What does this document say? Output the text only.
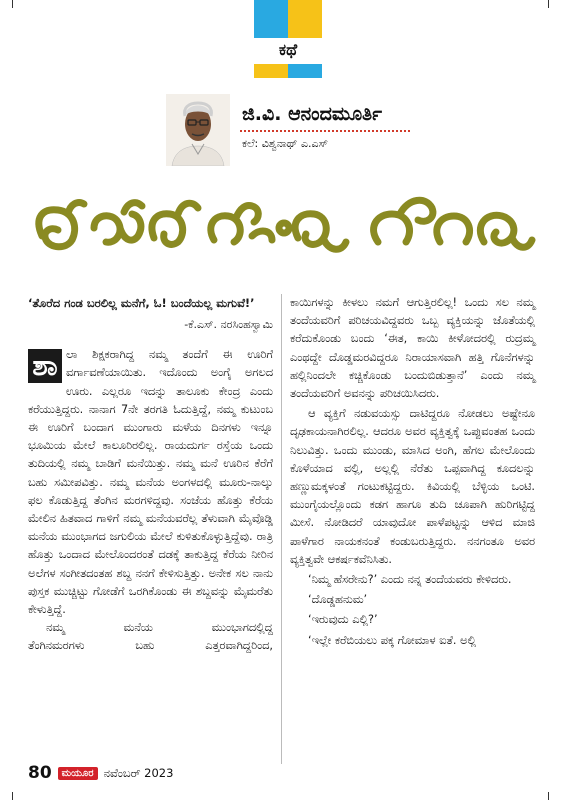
ಕಥೆ
ಜಿ.ವಿ. ಆನಂದಮೂರ್ತಿ
ಕಲೆ: ವಿಶ್ವನಾಥ್ ಎ.ಎಸ್
‘ತೊರೆದ ಗಂಡ ಬರಲಿಲ್ಲ ಮನೆಗೆ, ಓ! ಬಂದೆಯಲ್ಲ ಮಗುವೆ!’
-ಕೆ.ಎಸ್. ನರಸಿಂಹಸ್ವಾಮಿ
ಶಾ ಲಾ ಶಿಕ್ಷಕರಾಗಿದ್ದ ನಮ್ಮ ತಂದೆಗೆ ಈ ಊರಿಗೆ ವರ್ಗಾವಣೆಯಾಯಿತು. ಇದೊಂದು ಅಂಗೈ ಅಗಲದ ಊರು. ಎಲ್ಲರೂ ಇದನ್ನು ತಾಲೂಕು ಕೇಂದ್ರ ಎಂದು ಕರೆಯುತ್ತಿದ್ದರು. ನಾನಾಗ 7ನೇ ತರಗತಿ ಓದುತ್ತಿದ್ದೆ, ನಮ್ಮ ಕುಟುಂಬ ಈ ಊರಿಗೆ ಬಂದಾಗ ಮುಂಗಾರು ಮಳೆಯ ದಿನಗಳು ಇನ್ನೂ ಭೂಮಿಯ ಮೇಲೆ ಕಾಲೂರಿರಲಿಲ್ಲ. ರಾಯದುರ್ಗ ರಸ್ತೆಯ ಒಂದು ತುದಿಯಲ್ಲಿ ನಮ್ಮ ಬಾಡಿಗೆ ಮನೆಯಿತ್ತು. ನಮ್ಮ ಮನೆ ಊರಿನ ಕೆರೆಗೆ ಬಹು ಸಮೀಪವಿತ್ತು. ನಮ್ಮ ಮನೆಯ ಅಂಗಳದಲ್ಲಿ ಮೂರು-ನಾಲ್ಕು ಫಲ ಕೊಡುತ್ತಿದ್ದ ತೆಂಗಿನ ಮರಗಳಿದ್ದವು. ಸಂಜೆಯ ಹೊತ್ತು ಕೆರೆಯ ಮೇಲಿನ ಹಿತವಾದ ಗಾಳಿಗೆ ನಮ್ಮ ಮನೆಯವರೆಲ್ಲ ತೆಳುವಾಗಿ ಮೈವೊಡ್ಡಿ ಮನೆಯ ಮುಂಭಾಗದ ಜಗುಲಿಯ ಮೇಲೆ ಕುಳಿತುಕೊಳ್ಳುತ್ತಿದ್ದೆವು. ರಾತ್ರಿ ಹೊತ್ತು ಒಂದಾದ ಮೇಲೊಂದರಂತೆ ದಡಕ್ಕೆ ತಾಕುತ್ತಿದ್ದ ಕೆರೆಯ ನೀರಿನ ಅಲೆಗಳ ಸಂಗೀತದಂತಹ ಶಬ್ದ ನನಗೆ ಕೇಳಿಸುತ್ತಿತ್ತು. ಅನೇಕ ಸಲ ನಾನು ಪುಸ್ತಕ ಮುಚ್ಚಿಟ್ಟು ಗೋಡೆಗೆ ಒರಗಿಕೊಂಡು ಈ ಶಬ್ದವನ್ನು ಮೈಮರೆತು ಕೇಳುತ್ತಿದ್ದೆ.
ನಮ್ಮ ಮನೆಯ ಮುಂಭಾಗದಲ್ಲಿದ್ದ
ತೆಂಗಿನಮರಗಳು ಬಹು ಎತ್ತರವಾಗಿದ್ದರಿಂದ,
ಕಾಯಿಗಳನ್ನು ಕೀಳಲು ನಮಗೆ ಆಗುತ್ತಿರಲಿಲ್ಲ! ಒಂದು ಸಲ ನಮ್ಮ ತಂದೆಯವರಿಗೆ ಪರಿಚಯವಿದ್ದವರು ಒಬ್ಬ ವ್ಯಕ್ತಿಯನ್ನು ಜೊತೆಯಲ್ಲಿ ಕರೆದುಕೊಂಡು ಬಂದು ‘ಈತ, ಕಾಯಿ ಕೀಳೋದರಲ್ಲಿ ರುದ್ರಮ್ಮ ಎಂಥದ್ದೇ ದೊಡ್ಡಮರವಿದ್ದರೂ ನಿರಾಯಾಸವಾಗಿ ಹತ್ತಿ ಗೊನೆಗಳನ್ನು ಹಲ್ಲಿನಿಂದಲೇ ಕಚ್ಚಿಕೊಂಡು ಬಂದುಬಿಡುತ್ತಾನೆ’ ಎಂದು ನಮ್ಮ ತಂದೆಯವರಿಗೆ ಅವನನ್ನು ಪರಿಚಯಿಸಿದರು.
ಆ ವ್ಯಕ್ತಿಗೆ ನಡುವಯಸ್ಸು ದಾಟಿದ್ದರೂ ನೋಡಲು ಅಷ್ಟೇನೂ ದೃಢಕಾಯನಾಗಿರಲಿಲ್ಲ. ಆದರೂ ಅವರ ವ್ಯಕ್ತಿತ್ವಕ್ಕೆ ಒಪ್ಪುವಂತಹ ಒಂದು ನಿಲುವಿತ್ತು. ಒಂದು ಮುಂಡು, ಮಾಸಿದ ಅಂಗಿ, ಹೆಗಲ ಮೇಲೊಂದು ಕೊಳೆಯಾದ ವಲ್ಲಿ, ಅಲ್ಲಲ್ಲಿ ನೆರೆತು ಒಪ್ಪವಾಗಿದ್ದ ಕೂದಲನ್ನು ಹಣ್ಣುಮಕ್ಕಳಂತೆ ಗಂಟುಕಟ್ಟಿದ್ದರು. ಕಿವಿಯಲ್ಲಿ ಬೆಳ್ಳಿಯ ಒಂಟಿ. ಮುಂಗೈಯಲ್ಲೊಂದು ಕಡಗ ಹಾಗೂ ತುದಿ ಚೂಪಾಗಿ ಹುರಿಗಟ್ಟಿದ್ದ ಮೀಸೆ. ನೋಡಿದರೆ ಯಾವುದೋ ಪಾಳೆಪಟ್ಟನ್ನು ಆಳಿದ ಮಾಜಿ ಪಾಳೆಗಾರ ನಾಯಕನಂತೆ ಕಂಡುಬರುತ್ತಿದ್ದರು. ನನಗಂತೂ ಅವರ ವ್ಯಕ್ತಿತ್ವವೇ ಆಕರ್ಷಕವೆನಿಸಿತು.
‘ನಿಮ್ಮ ಹೆಸರೇನು?’ ಎಂದು ನನ್ನ ತಂದೆಯವರು ಕೇಳಿದರು.
‘ದೊಡ್ಡಹನುಮ’
‘ಇರುವುದು ಎಲ್ಲಿ?’
‘ಇಲ್ಲೇ ಕರೆಬಿಯಲು ಪಕ್ಕ ಗೋಮಾಳ ಐತೆ. ಅಲ್ಲಿ
80	ಮಯೂರ ನವೆಂಬರ್ 2023
